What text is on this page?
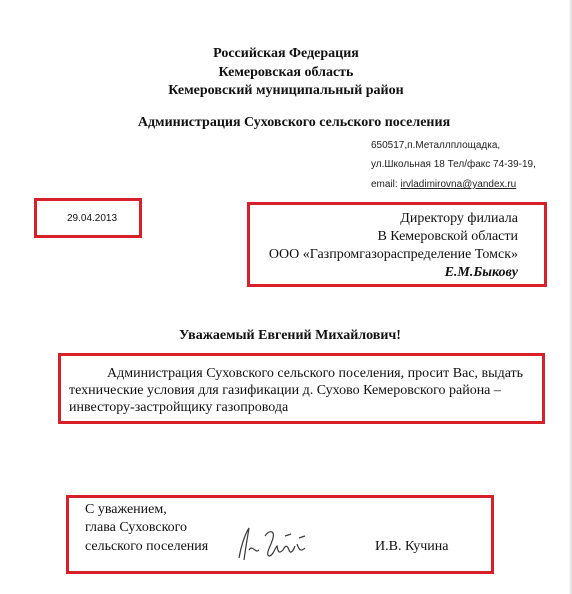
Российская Федерация
Кемеровская область
Кемеровский муниципальный район
Администрация Суховского сельского поселения
650517,п.Металлплощадка,
ул.Школьная 18 Тел/факс 74-39-19,
email: irvladimirovna@yandex.ru
29.04.2013	Директору филиала
В Кемеровской области
ООО «Газпромгазораспределение Томск»
Е.М.Быкову
Уважаемый Евгений Михайлович!
Администрация Суховского сельского поселения, просит Вас, выдать
технические условия для газификации д. Сухово Кемеровского района –
инвестору-застройщику газопровода
С уважением,
глава Суховского
сельского поселения	И.В. Кучина
